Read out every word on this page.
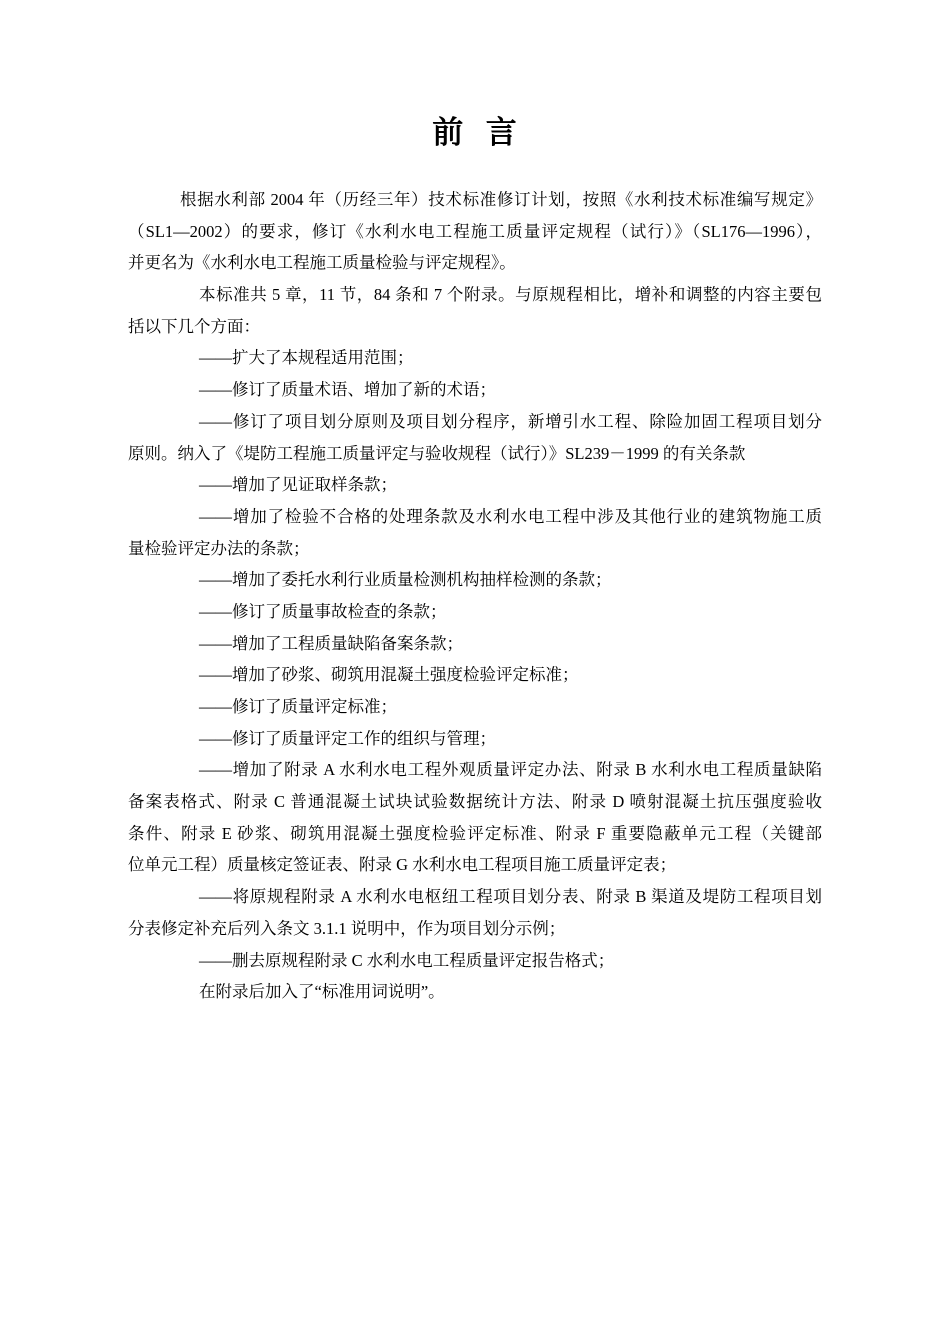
前 言
根据水利部 2004 年（历经三年）技术标准修订计划，按照《水利技术标准编写规定》
（SL1—2002）的要求，修订《水利水电工程施工质量评定规程（试行）》（SL176—1996），
并更名为《水利水电工程施工质量检验与评定规程》。
本标准共 5 章，11 节，84 条和 7 个附录。与原规程相比，增补和调整的内容主要包
括以下几个方面：
——扩大了本规程适用范围；
——修订了质量术语、增加了新的术语；
——修订了项目划分原则及项目划分程序，新增引水工程、除险加固工程项目划分
原则。纳入了《堤防工程施工质量评定与验收规程（试行）》SL239－1999 的有关条款
——增加了见证取样条款；
——增加了检验不合格的处理条款及水利水电工程中涉及其他行业的建筑物施工质
量检验评定办法的条款；
——增加了委托水利行业质量检测机构抽样检测的条款；
——修订了质量事故检查的条款；
——增加了工程质量缺陷备案条款；
——增加了砂浆、砌筑用混凝土强度检验评定标准；
——修订了质量评定标准；
——修订了质量评定工作的组织与管理；
——增加了附录 A 水利水电工程外观质量评定办法、附录 B 水利水电工程质量缺陷
备案表格式、附录 C 普通混凝土试块试验数据统计方法、附录 D 喷射混凝土抗压强度验收
条件、附录 E 砂浆、砌筑用混凝土强度检验评定标准、附录 F 重要隐蔽单元工程（关键部
位单元工程）质量核定签证表、附录 G 水利水电工程项目施工质量评定表；
——将原规程附录 A 水利水电枢纽工程项目划分表、附录 B 渠道及堤防工程项目划
分表修定补充后列入条文 3.1.1 说明中，作为项目划分示例；
——删去原规程附录 C 水利水电工程质量评定报告格式；
在附录后加入了“标准用词说明”。
